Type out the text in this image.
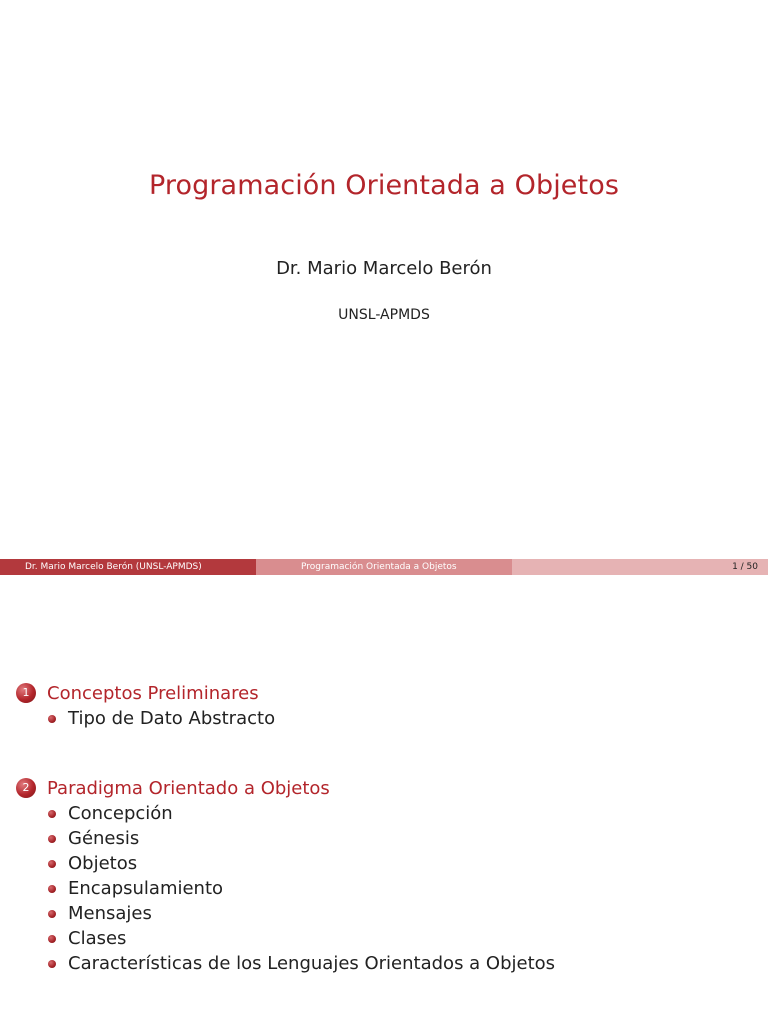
Programación Orientada a Objetos
Dr. Mario Marcelo Berón
UNSL-APMDS
Dr. Mario Marcelo Berón (UNSL-APMDS)	Programación Orientada a Objetos	1 / 50
1 Conceptos Preliminares
Tipo de Dato Abstracto
2 Paradigma Orientado a Objetos
Concepción
Génesis
Objetos
Encapsulamiento
Mensajes
Clases
Características de los Lenguajes Orientados a Objetos
